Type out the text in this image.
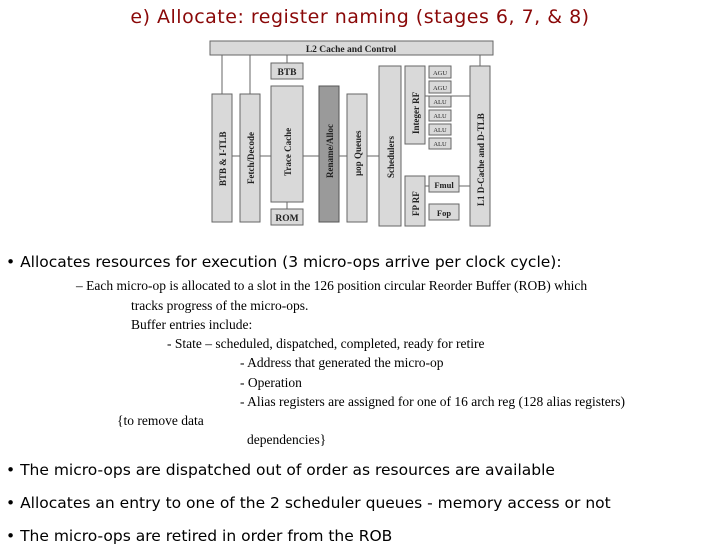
e) Allocate: register naming (stages 6, 7, & 8)
L2 Cache and Control
BTB & I-TLB Fetch/Decode
BTB
Trace Cache
ROM
Rename/Alloc µop Queues	Schedulers
Integer RF
FP RF
AGU
AGU
ALU
ALU
ALU
ALU
Fmul
Fop
L1 D-Cache and D-TLB
• Allocates resources for execution (3 micro-ops arrive per clock cycle):
– Each micro-op is allocated to a slot in the 126 position circular Reorder Buffer (ROB) which
tracks progress of the micro-ops.
Buffer entries include:
- State – scheduled, dispatched, completed, ready for retire
- Address that generated the micro-op
- Operation
- Alias registers are assigned for one of 16 arch reg (128 alias registers)
{to remove data
dependencies}
• The micro-ops are dispatched out of order as resources are available
• Allocates an entry to one of the 2 scheduler queues - memory access or not
• The micro-ops are retired in order from the ROB
